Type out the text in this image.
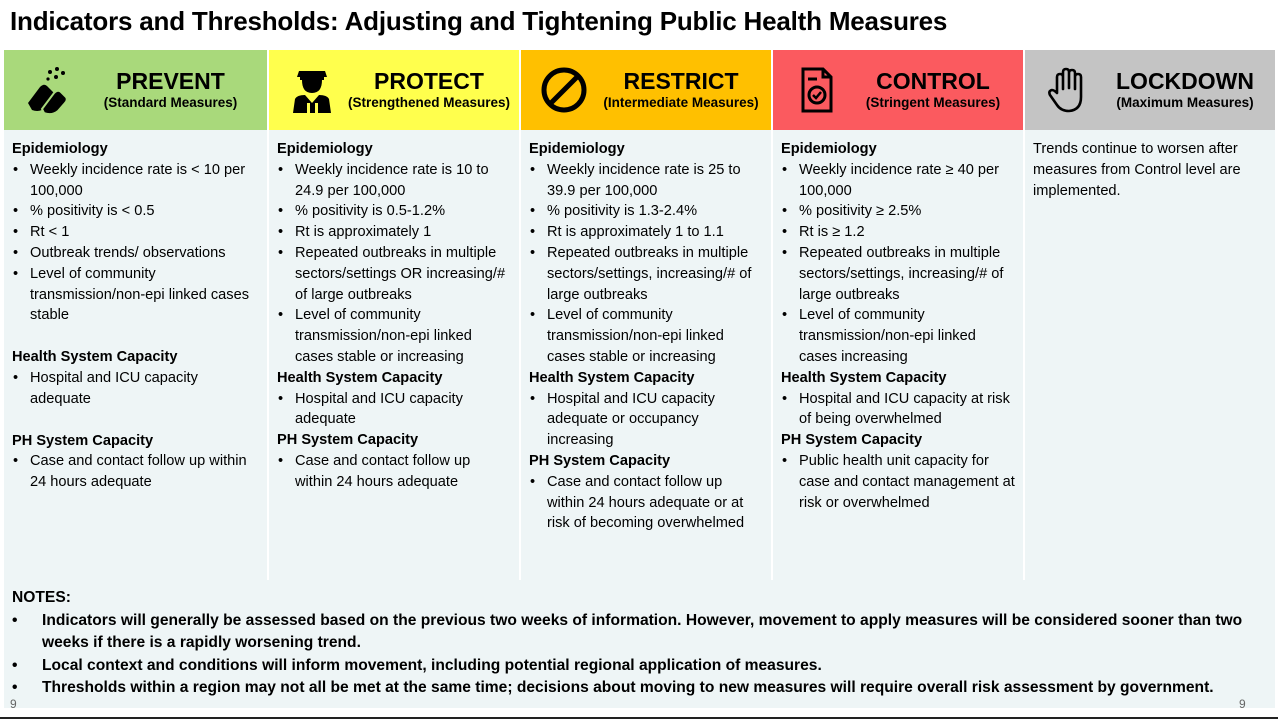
Indicators and Thresholds: Adjusting and Tightening Public Health Measures
PREVENT
(Standard Measures)
PROTECT
(Strengthened Measures)
RESTRICT
(Intermediate Measures)
CONTROL
(Stringent Measures)
LOCKDOWN
(Maximum Measures)
Epidemiology
• Weekly incidence rate is < 10 per 100,000
• % positivity is < 0.5
• Rt < 1
• Outbreak trends/ observations
• Level of community transmission/non-epi linked cases stable
Health System Capacity
• Hospital and ICU capacity adequate
PH System Capacity
• Case and contact follow up within 24 hours adequate
Epidemiology
• Weekly incidence rate is 10 to 24.9 per 100,000
• % positivity is 0.5-1.2%
• Rt is approximately 1
• Repeated outbreaks in multiple sectors/settings OR increasing/# of large outbreaks
• Level of community transmission/non-epi linked cases stable or increasing
Health System Capacity
• Hospital and ICU capacity adequate
PH System Capacity
• Case and contact follow up within 24 hours adequate
Epidemiology
• Weekly incidence rate is 25 to 39.9 per 100,000
• % positivity is 1.3-2.4%
• Rt is approximately 1 to 1.1
• Repeated outbreaks in multiple sectors/settings, increasing/# of large outbreaks
• Level of community transmission/non-epi linked cases stable or increasing
Health System Capacity
• Hospital and ICU capacity adequate or occupancy increasing
PH System Capacity
• Case and contact follow up within 24 hours adequate or at risk of becoming overwhelmed
Epidemiology
• Weekly incidence rate ≥ 40 per 100,000
• % positivity ≥ 2.5%
• Rt is ≥ 1.2
• Repeated outbreaks in multiple sectors/settings, increasing/# of large outbreaks
• Level of community transmission/non-epi linked cases increasing
Health System Capacity
• Hospital and ICU capacity at risk of being overwhelmed
PH System Capacity
• Public health unit capacity for case and contact management at risk or overwhelmed
Trends continue to worsen after measures from Control level are implemented.
NOTES:
• Indicators will generally be assessed based on the previous two weeks of information. However, movement to apply measures will be considered sooner than two weeks if there is a rapidly worsening trend.
• Local context and conditions will inform movement, including potential regional application of measures.
• Thresholds within a region may not all be met at the same time; decisions about moving to new measures will require overall risk assessment by government.
9	9
